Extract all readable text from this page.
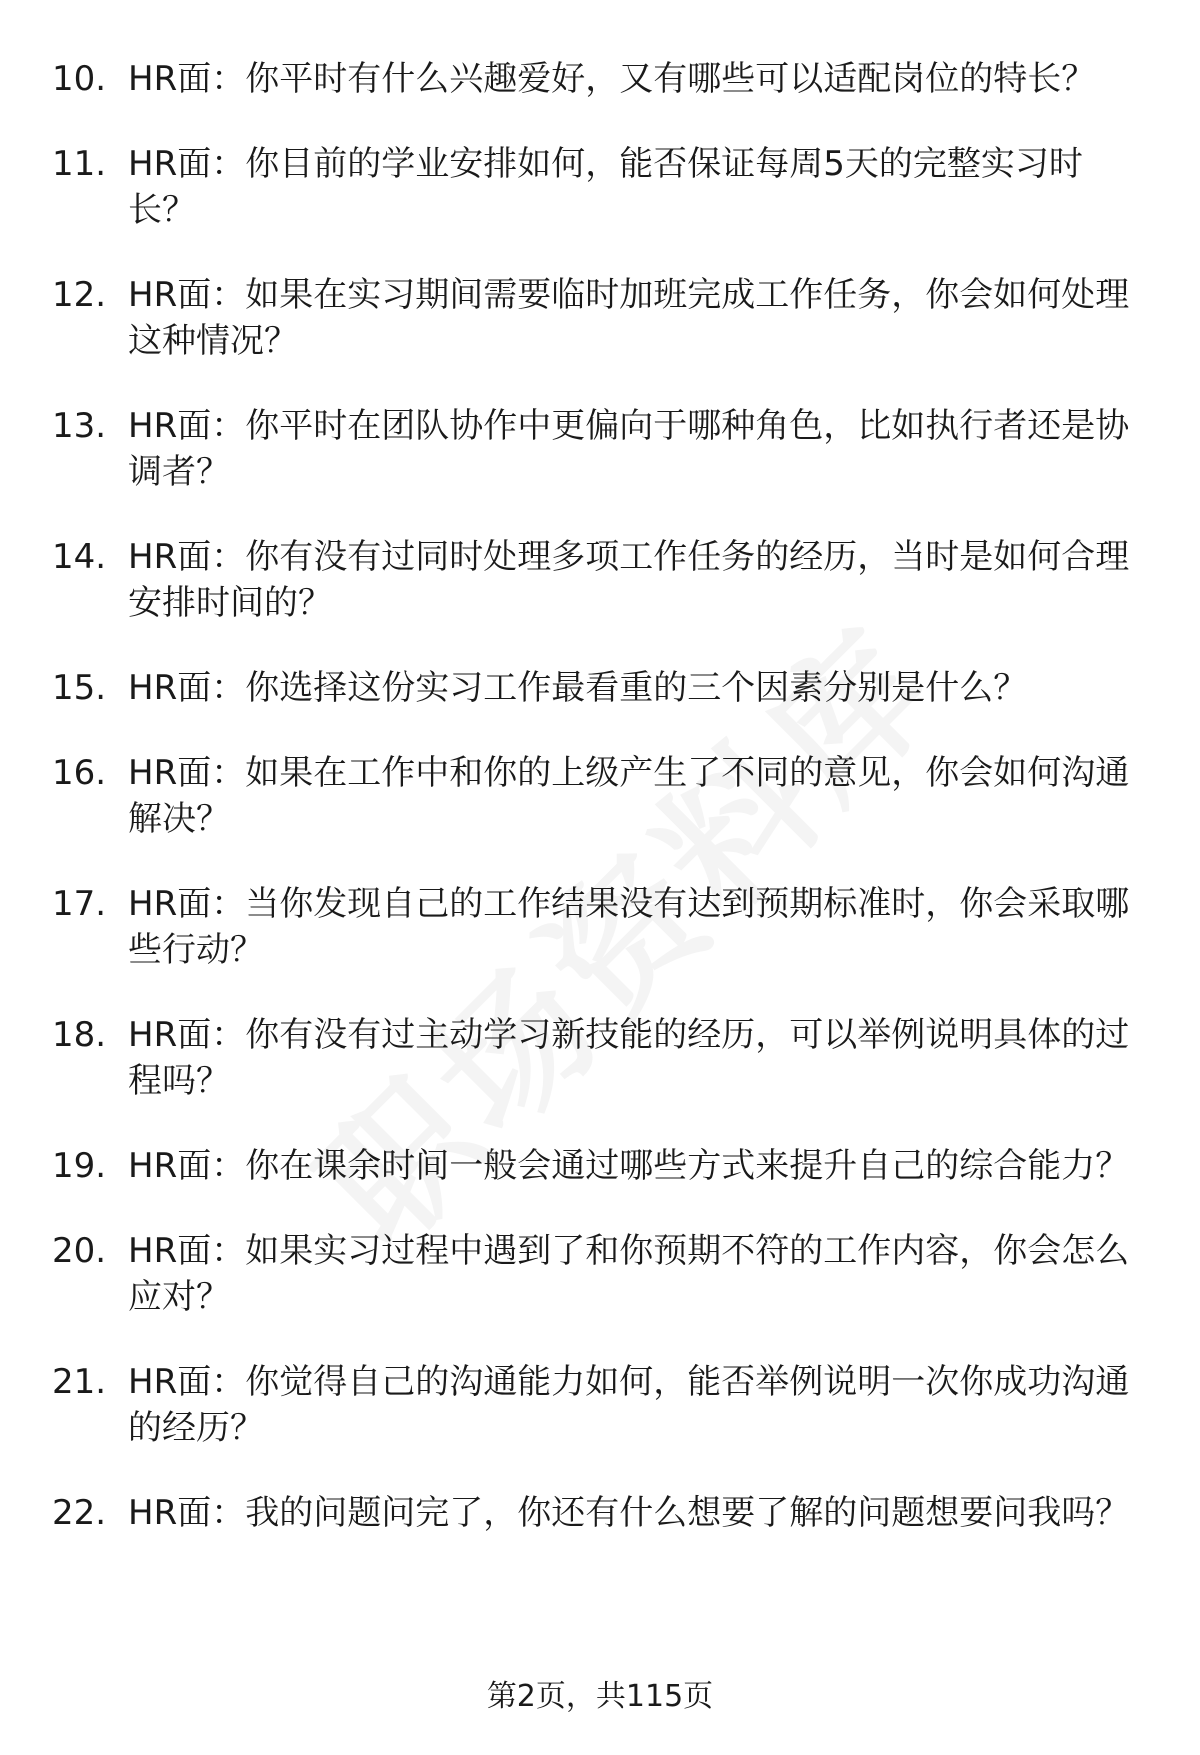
10. HR面：你平时有什么兴趣爱好，又有哪些可以适配岗位的特长？
11. HR面：你目前的学业安排如何，能否保证每周5天的完整实习时长？
12. HR面：如果在实习期间需要临时加班完成工作任务，你会如何处理这种情况？
13. HR面：你平时在团队协作中更偏向于哪种角色，比如执行者还是协调者？
14. HR面：你有没有过同时处理多项工作任务的经历，当时是如何合理安排时间的？
15. HR面：你选择这份实习工作最看重的三个因素分别是什么？
16. HR面：如果在工作中和你的上级产生了不同的意见，你会如何沟通解决？
17. HR面：当你发现自己的工作结果没有达到预期标准时，你会采取哪些行动？
18. HR面：你有没有过主动学习新技能的经历，可以举例说明具体的过程吗？
19. HR面：你在课余时间一般会通过哪些方式来提升自己的综合能力？
20. HR面：如果实习过程中遇到了和你预期不符的工作内容，你会怎么应对？
21. HR面：你觉得自己的沟通能力如何，能否举例说明一次你成功沟通的经历？
22. HR面：我的问题问完了，你还有什么想要了解的问题想要问我吗？
第2页，共115页
